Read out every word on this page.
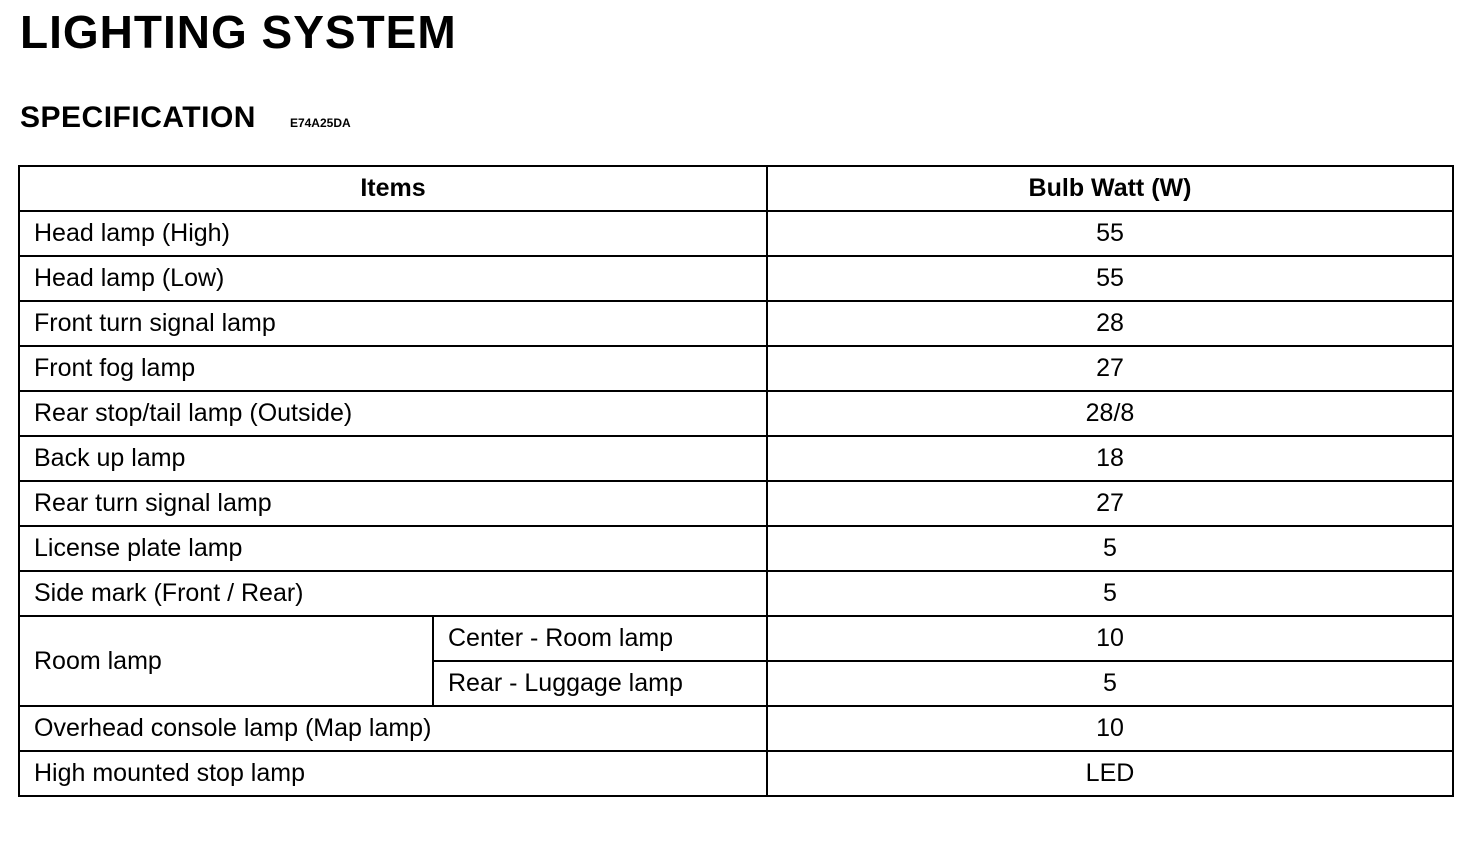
LIGHTING SYSTEM
SPECIFICATION	E74A25DA
Items		Bulb Watt (W)
Head lamp (High)		55
Head lamp (Low)		55
Front turn signal lamp		28
Front fog lamp		27
Rear stop/tail lamp (Outside)		28/8
Back up lamp		18
Rear turn signal lamp		27
License plate lamp		5
Side mark (Front / Rear)		5
Room lamp	Center - Room lamp	10
	Rear - Luggage lamp	5
Overhead console lamp (Map lamp)		10
High mounted stop lamp		LED
